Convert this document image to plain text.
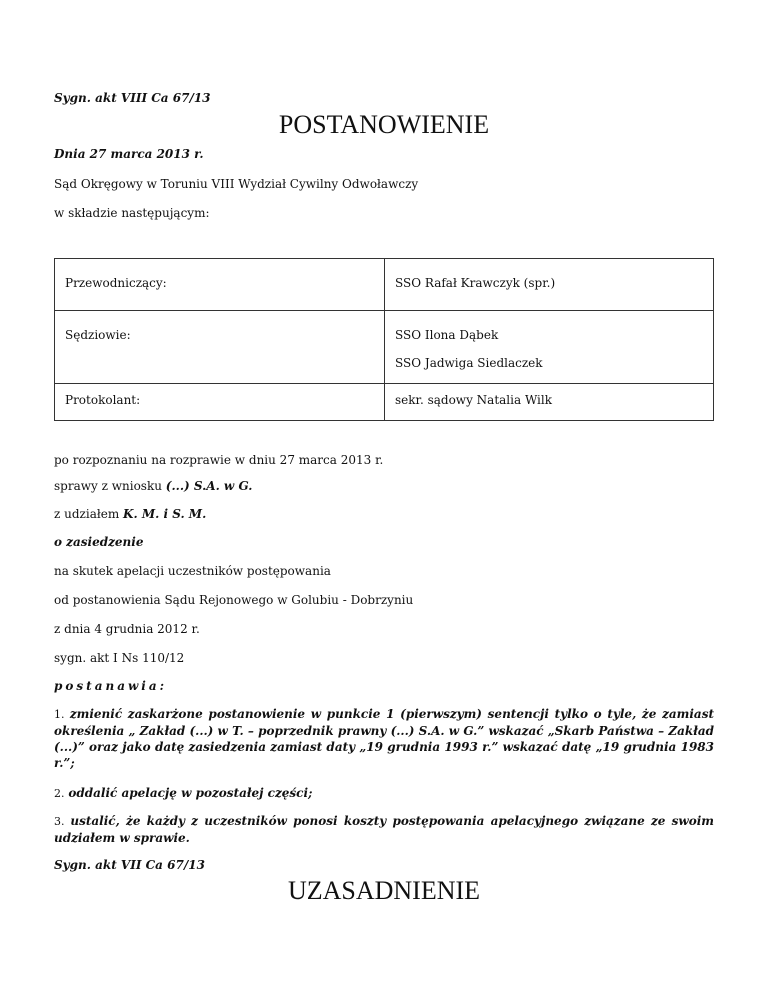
Sygn. akt VIII Ca 67/13
POSTANOWIENIE
Dnia 27 marca 2013 r.
Sąd Okręgowy w Toruniu VIII Wydział Cywilny Odwoławczy
w składzie następującym:
Przewodniczący:	SSO Rafał Krawczyk (spr.)

Sędziowie:	SSO Ilona Dąbek
SSO Jadwiga Siedlaczek

Protokolant:	sekr. sądowy Natalia Wilk
po rozpoznaniu na rozprawie w dniu 27 marca 2013 r.
sprawy z wniosku (...) S.A. w G.
z udziałem K. M. i S. M.
o zasiedzenie
na skutek apelacji uczestników postępowania
od postanowienia Sądu Rejonowego w Golubiu - Dobrzyniu
z dnia 4 grudnia 2012 r.
sygn. akt I Ns 110/12
postanawia:
1. zmienić zaskarżone postanowienie w punkcie 1 (pierwszym) sentencji tylko o tyle, że zamiast określenia „ Zakład (...) w T. – poprzednik prawny (...) S.A. w G.” wskazać „Skarb Państwa – Zakład (...)” oraz jako datę zasiedzenia zamiast daty „19 grudnia 1993 r.” wskazać datę „19 grudnia 1983 r.”;
2. oddalić apelację w pozostałej części;
3. ustalić, że każdy z uczestników ponosi koszty postępowania apelacyjnego związane ze swoim udziałem w sprawie.
Sygn. akt VII Ca 67/13
UZASADNIENIE
